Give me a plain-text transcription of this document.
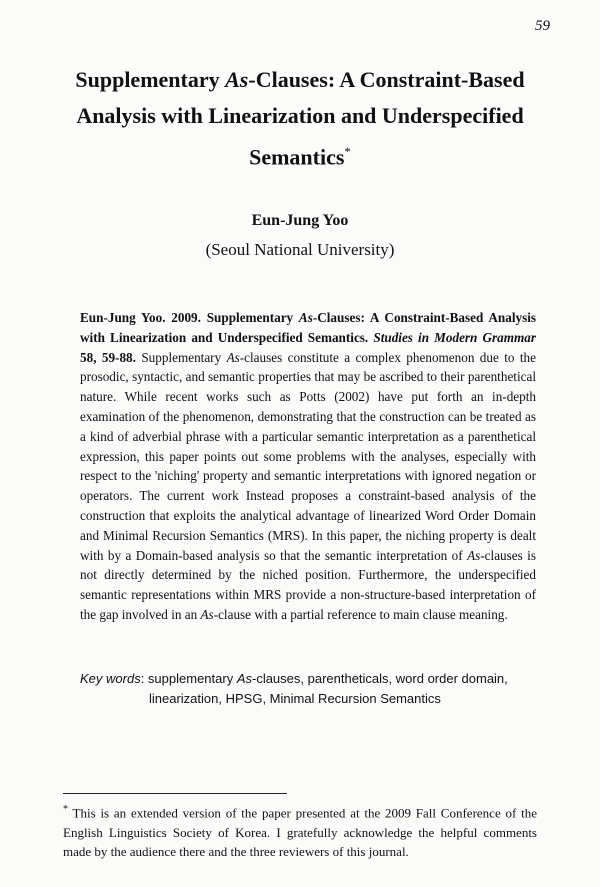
59
Supplementary As-Clauses: A Constraint-Based Analysis with Linearization and Underspecified Semantics*
Eun-Jung Yoo
(Seoul National University)
Eun-Jung Yoo. 2009. Supplementary As-Clauses: A Constraint-Based Analysis with Linearization and Underspecified Semantics. Studies in Modern Grammar 58, 59-88. Supplementary As-clauses constitute a complex phenomenon due to the prosodic, syntactic, and semantic properties that may be ascribed to their parenthetical nature. While recent works such as Potts (2002) have put forth an in-depth examination of the phenomenon, demonstrating that the construction can be treated as a kind of adverbial phrase with a particular semantic interpretation as a parenthetical expression, this paper points out some problems with the analyses, especially with respect to the 'niching' property and semantic interpretations with ignored negation or operators. The current work Instead proposes a constraint-based analysis of the construction that exploits the analytical advantage of linearized Word Order Domain and Minimal Recursion Semantics (MRS). In this paper, the niching property is dealt with by a Domain-based analysis so that the semantic interpretation of As-clauses is not directly determined by the niched position. Furthermore, the underspecified semantic representations within MRS provide a non-structure-based interpretation of the gap involved in an As-clause with a partial reference to main clause meaning.
Key words: supplementary As-clauses, parentheticals, word order domain,
linearization, HPSG, Minimal Recursion Semantics
* This is an extended version of the paper presented at the 2009 Fall Conference of the English Linguistics Society of Korea. I gratefully acknowledge the helpful comments made by the audience there and the three reviewers of this journal.
